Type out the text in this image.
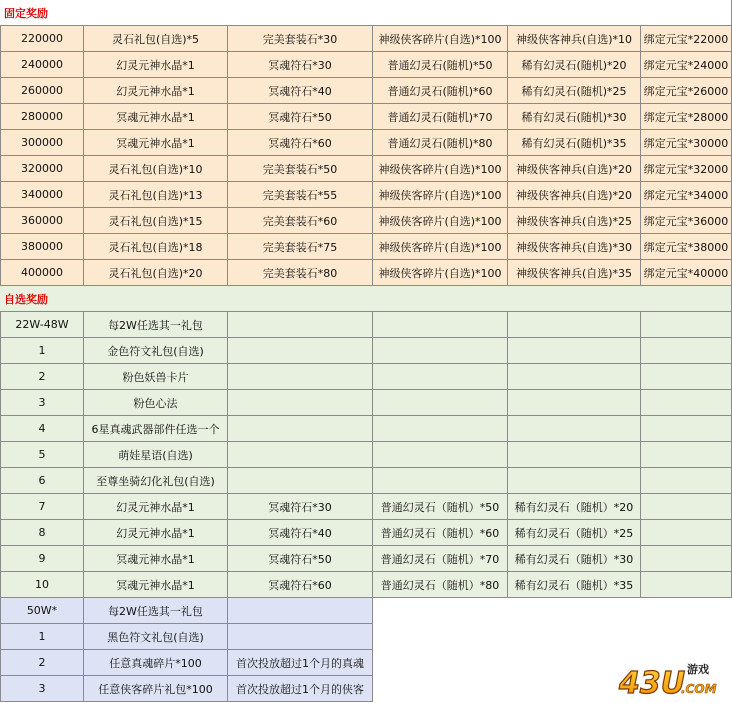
固定奖励
220000	灵石礼包(自选)*5	完美套装石*30	神级侠客碎片(自选)*100	神级侠客神兵(自选)*10	绑定元宝*22000
240000	幻灵元神水晶*1	冥魂符石*30	普通幻灵石(随机)*50	稀有幻灵石(随机)*20	绑定元宝*24000
260000	幻灵元神水晶*1	冥魂符石*40	普通幻灵石(随机)*60	稀有幻灵石(随机)*25	绑定元宝*26000
280000	冥魂元神水晶*1	冥魂符石*50	普通幻灵石(随机)*70	稀有幻灵石(随机)*30	绑定元宝*28000
300000	冥魂元神水晶*1	冥魂符石*60	普通幻灵石(随机)*80	稀有幻灵石(随机)*35	绑定元宝*30000
320000	灵石礼包(自选)*10	完美套装石*50	神级侠客碎片(自选)*100	神级侠客神兵(自选)*20	绑定元宝*32000
340000	灵石礼包(自选)*13	完美套装石*55	神级侠客碎片(自选)*100	神级侠客神兵(自选)*20	绑定元宝*34000
360000	灵石礼包(自选)*15	完美套装石*60	神级侠客碎片(自选)*100	神级侠客神兵(自选)*25	绑定元宝*36000
380000	灵石礼包(自选)*18	完美套装石*75	神级侠客碎片(自选)*100	神级侠客神兵(自选)*30	绑定元宝*38000
400000	灵石礼包(自选)*20	完美套装石*80	神级侠客碎片(自选)*100	神级侠客神兵(自选)*35	绑定元宝*40000
自选奖励
22W-48W	每2W任选其一礼包
1	金色符文礼包(自选)
2	粉色妖兽卡片
3	粉色心法
4	6星真魂武器部件任选一个
5	萌娃星语(自选)
6	至尊坐骑幻化礼包(自选)
7	幻灵元神水晶*1	冥魂符石*30	普通幻灵石（随机）*50	稀有幻灵石（随机）*20
8	幻灵元神水晶*1	冥魂符石*40	普通幻灵石（随机）*60	稀有幻灵石（随机）*25
9	冥魂元神水晶*1	冥魂符石*50	普通幻灵石（随机）*70	稀有幻灵石（随机）*30
10	冥魂元神水晶*1	冥魂符石*60	普通幻灵石（随机）*80	稀有幻灵石（随机）*35
50W*	每2W任选其一礼包
1	黑色符文礼包(自选)
2	任意真魂碎片*100	首次投放超过1个月的真魂
3	任意侠客碎片礼包*100	首次投放超过1个月的侠客	43U 游戏
.COM
